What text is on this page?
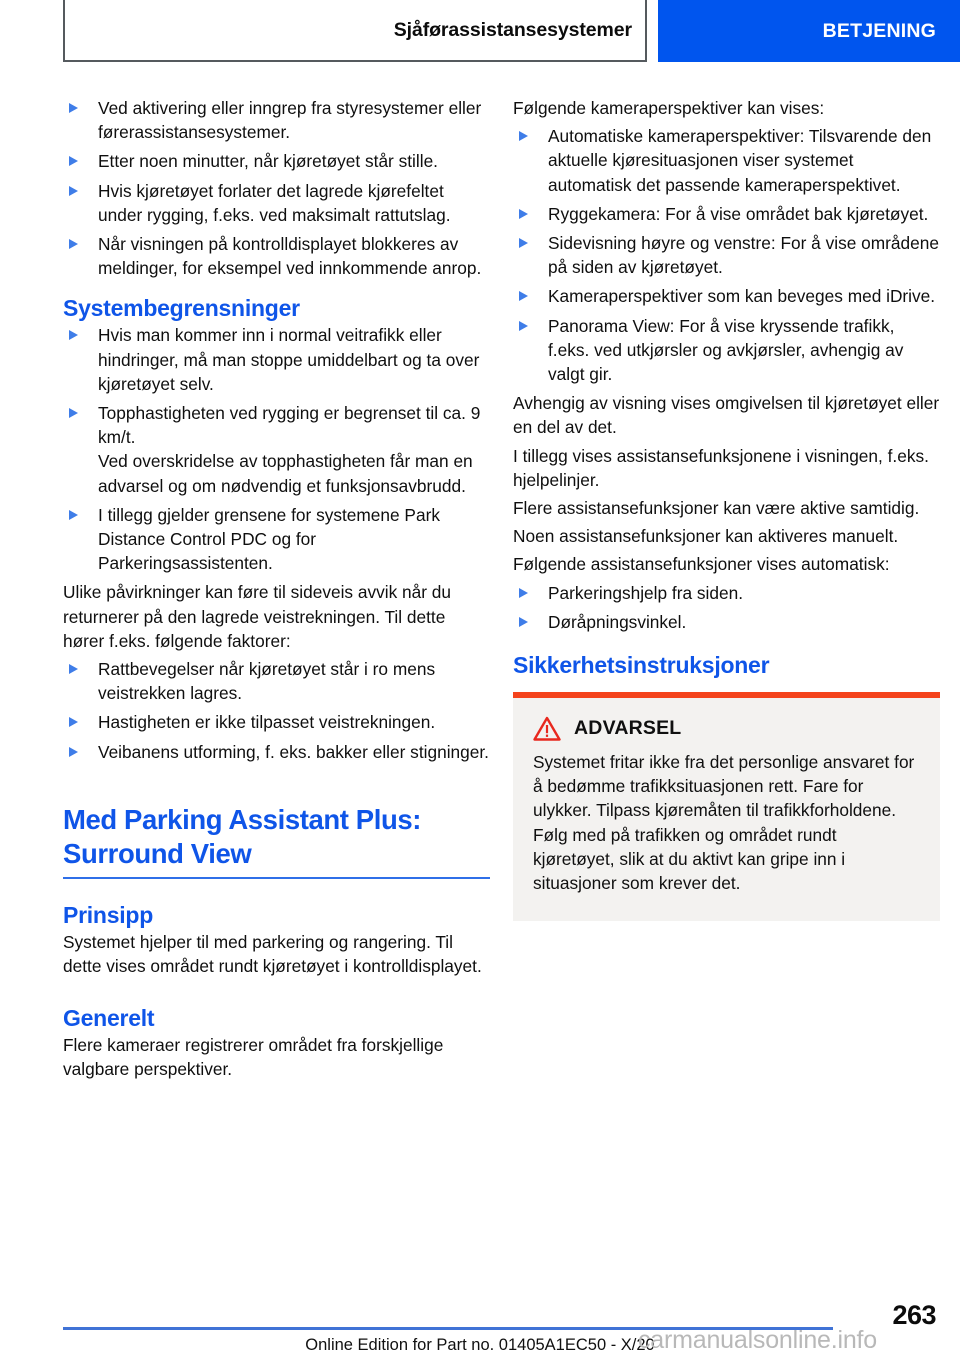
Sjåførassistansesystemer	BETJENING
Ved aktivering eller inngrep fra styresystemer eller førerassistansesystemer.
Etter noen minutter, når kjøretøyet står stille.
Hvis kjøretøyet forlater det lagrede kjørefeltet under rygging, f.eks. ved maksimalt rattutslag.
Når visningen på kontrolldisplayet blokkeres av meldinger, for eksempel ved innkommende anrop.
Systembegrensninger
Hvis man kommer inn i normal veitrafikk eller hindringer, må man stoppe umiddelbart og ta over kjøretøyet selv.
Topphastigheten ved rygging er begrenset til ca. 9 km/t.

Ved overskridelse av topphastigheten får man en advarsel og om nødvendig et funksjonsavbrudd.

I tillegg gjelder grensene for systemene Park Distance Control PDC og for Parkeringsassistenten.

Ulike påvirkninger kan føre til sideveis avvik når du returnerer på den lagrede veistrekningen. Til dette hører f.eks. følgende faktorer:

Rattbevegelser når kjøretøyet står i ro mens veistrekken lagres.
Hastigheten er ikke tilpasset veistrekningen.
Veibanens utforming, f. eks. bakker eller stigninger.
Med Parking Assistant Plus: Surround View
Prinsipp

Systemet hjelper til med parkering og rangering. Til dette vises området rundt kjøretøyet i kontrolldisplayet.

Generelt

Flere kameraer registrerer området fra forskjellige valgbare perspektiver.

Følgende kameraperspektiver kan vises:

Automatiske kameraperspektiver: Tilsvarende den aktuelle kjøresituasjonen viser systemet automatisk det passende kameraperspektivet.
Ryggekamera: For å vise området bak kjøretøyet.
Sidevisning høyre og venstre: For å vise områdene på siden av kjøretøyet.
Kameraperspektiver som kan beveges med iDrive.
Panorama View: For å vise kryssende trafikk, f.eks. ved utkjørsler og avkjørsler, avhengig av valgt gir.

Avhengig av visning vises omgivelsen til kjøretøyet eller en del av det.

I tillegg vises assistansefunksjonene i visningen, f.eks. hjelpelinjer.

Flere assistansefunksjoner kan være aktive samtidig.

Noen assistansefunksjoner kan aktiveres manuelt.

Følgende assistansefunksjoner vises automatisk:

Parkeringshjelp fra siden.
Døråpningsvinkel.
Sikkerhetsinstruksjoner
ADVARSEL

Systemet fritar ikke fra det personlige ansvaret for å bedømme trafikksituasjonen rett. Fare for ulykker. Tilpass kjøremåten til trafikkforholdene. Følg med på trafikken og området rundt kjøretøyet, slik at du aktivt kan gripe inn i situasjoner som krever det.

263
Online Edition for Part no. 01405A1EC50 - X/20
carmanualsonline.info
